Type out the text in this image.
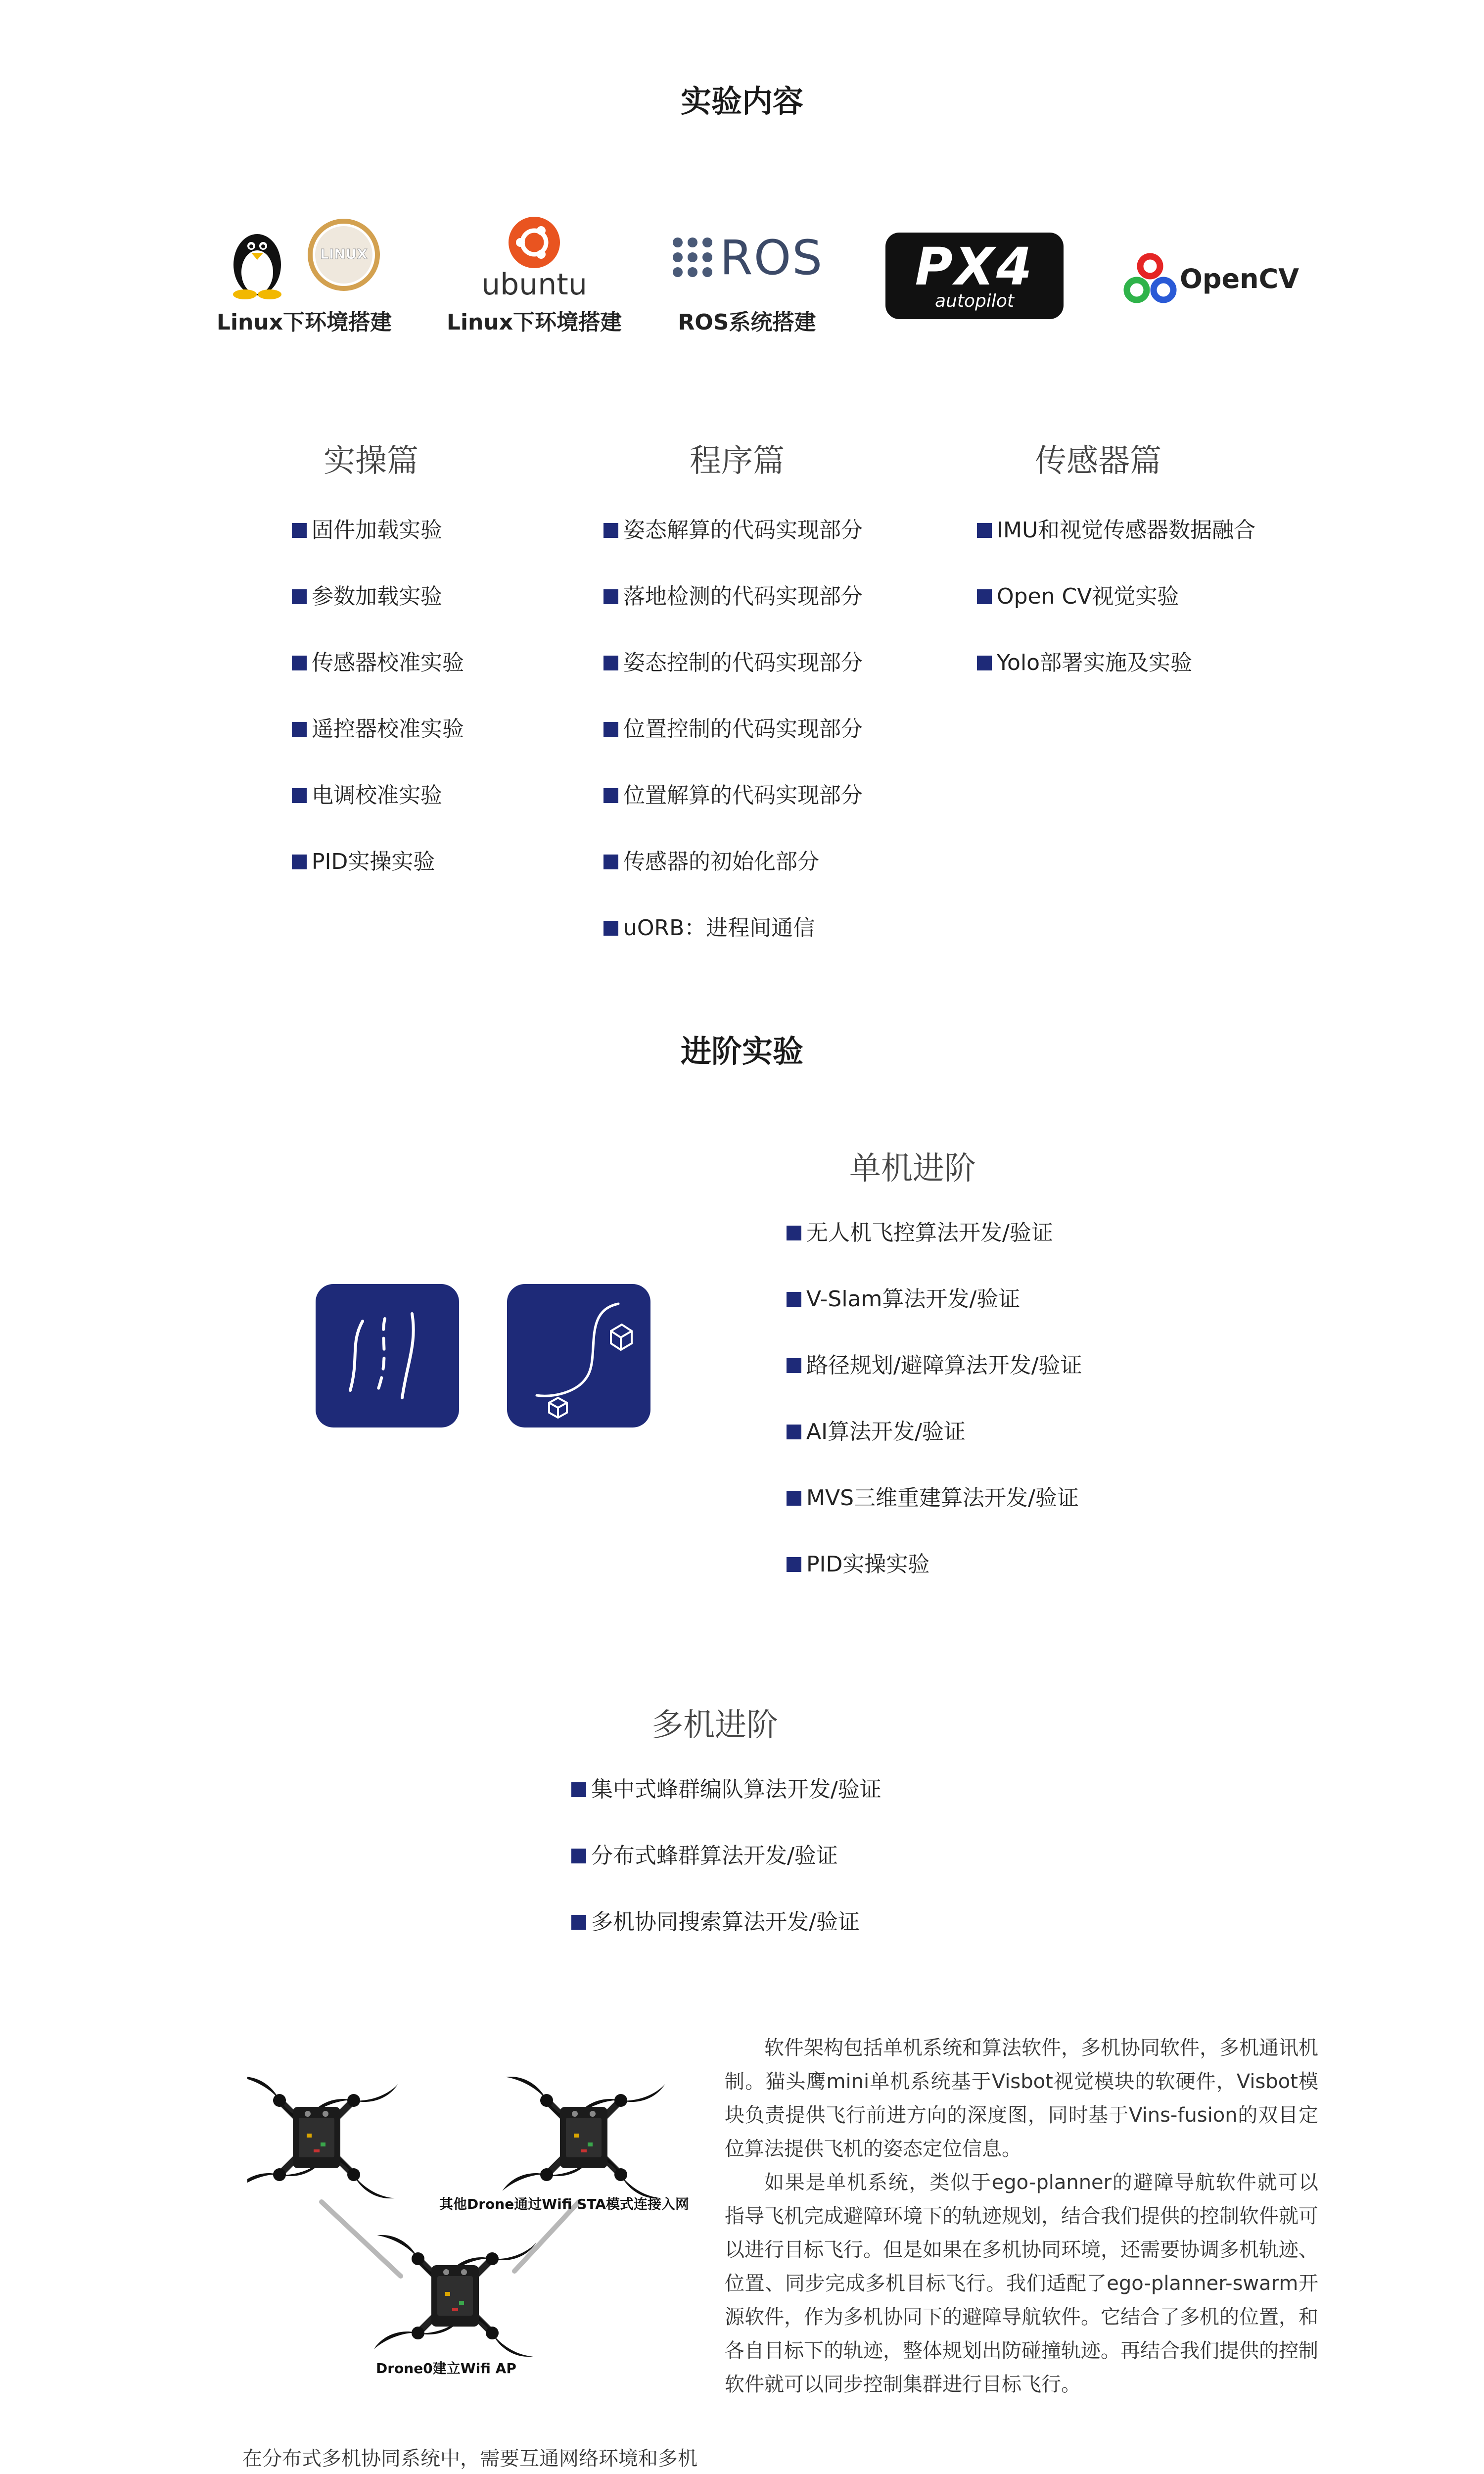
实验内容
LINUX
Linux下环境搭建
ubuntu
Linux下环境搭建
ROS
ROS系统搭建
PX4
autopilot
OpenCV
实操篇	程序篇	传感器篇
固件加载实验
参数加载实验
传感器校准实验
遥控器校准实验
电调校准实验
PID实操实验
姿态解算的代码实现部分
落地检测的代码实现部分
姿态控制的代码实现部分
位置控制的代码实现部分
位置解算的代码实现部分
传感器的初始化部分
uORB：进程间通信
IMU和视觉传感器数据融合
Open CV视觉实验
Yolo部署实施及实验
进阶实验
单机进阶
无人机飞控算法开发/验证
V-Slam算法开发/验证
路径规划/避障算法开发/验证
AI算法开发/验证
MVS三维重建算法开发/验证
PID实操实验
多机进阶
集中式蜂群编队算法开发/验证
分布式蜂群算法开发/验证
多机协同搜索算法开发/验证
其他Drone通过Wifi STA模式连接入网
Drone0建立Wifi AP

软件架构包括单机系统和算法软件，多机协同软件，多机通讯机制。猫头鹰mini单机系统基于Visbot视觉模块的软硬件，Visbot模块负责提供飞行前进方向的深度图，同时基于Vins-fusion的双目定位算法提供飞机的姿态定位信息。

如果是单机系统，类似于ego-planner的避障导航软件就可以指导飞机完成避障环境下的轨迹规划，结合我们提供的控制软件就可以进行目标飞行。但是如果在多机协同环境，还需要协调多机轨迹、位置、同步完成多机目标飞行。我们适配了ego-planner-swarm开源软件，作为多机协同下的避障导航软件。它结合了多机的位置，和各自目标下的轨迹，整体规划出防碰撞轨迹。再结合我们提供的控制软件就可以同步控制集群进行目标飞行。

在分布式多机协同系统中，需要互通网络环境和多机
